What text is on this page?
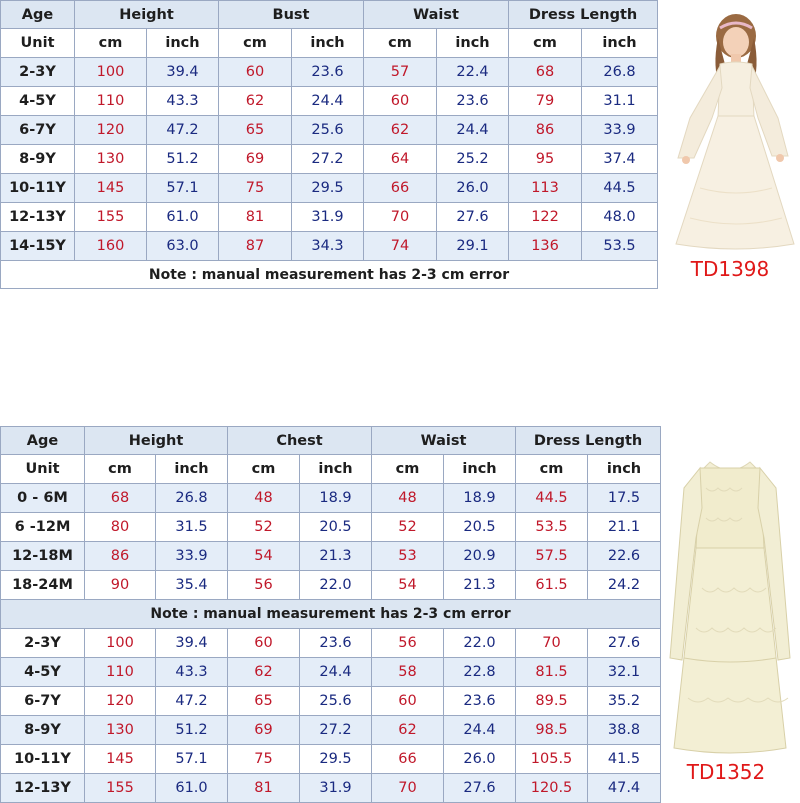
Age	Height		Bust		Waist		Dress Length	
Unit	cm	inch	cm	inch	cm	inch	cm	inch
2-3Y	100	39.4	60	23.6	57	22.4	68	26.8
4-5Y	110	43.3	62	24.4	60	23.6	79	31.1
6-7Y	120	47.2	65	25.6	62	24.4	86	33.9
8-9Y	130	51.2	69	27.2	64	25.2	95	37.4
10-11Y	145	57.1	75	29.5	66	26.0	113	44.5
12-13Y	155	61.0	81	31.9	70	27.6	122	48.0
14-15Y	160	63.0	87	34.3	74	29.1	136	53.5
Note : manual measurement has 2-3 cm error									TD1398
Age	Height		Chest		Waist		Dress Length	
Unit	cm	inch	cm	inch	cm	inch	cm	inch
0 - 6M	68	26.8	48	18.9	48	18.9	44.5	17.5
6 -12M	80	31.5	52	20.5	52	20.5	53.5	21.1
12-18M	86	33.9	54	21.3	53	20.9	57.5	22.6
18-24M	90	35.4	56	22.0	54	21.3	61.5	24.2
Note : manual measurement has 2-3 cm error								
2-3Y	100	39.4	60	23.6	56	22.0	70	27.6
4-5Y	110	43.3	62	24.4	58	22.8	81.5	32.1
6-7Y	120	47.2	65	25.6	60	23.6	89.5	35.2
8-9Y	130	51.2	69	27.2	62	24.4	98.5	38.8
10-11Y	145	57.1	75	29.5	66	26.0	105.5	41.5
12-13Y	155	61.0	81	31.9	70	27.6	120.5	47.4
TD1352
